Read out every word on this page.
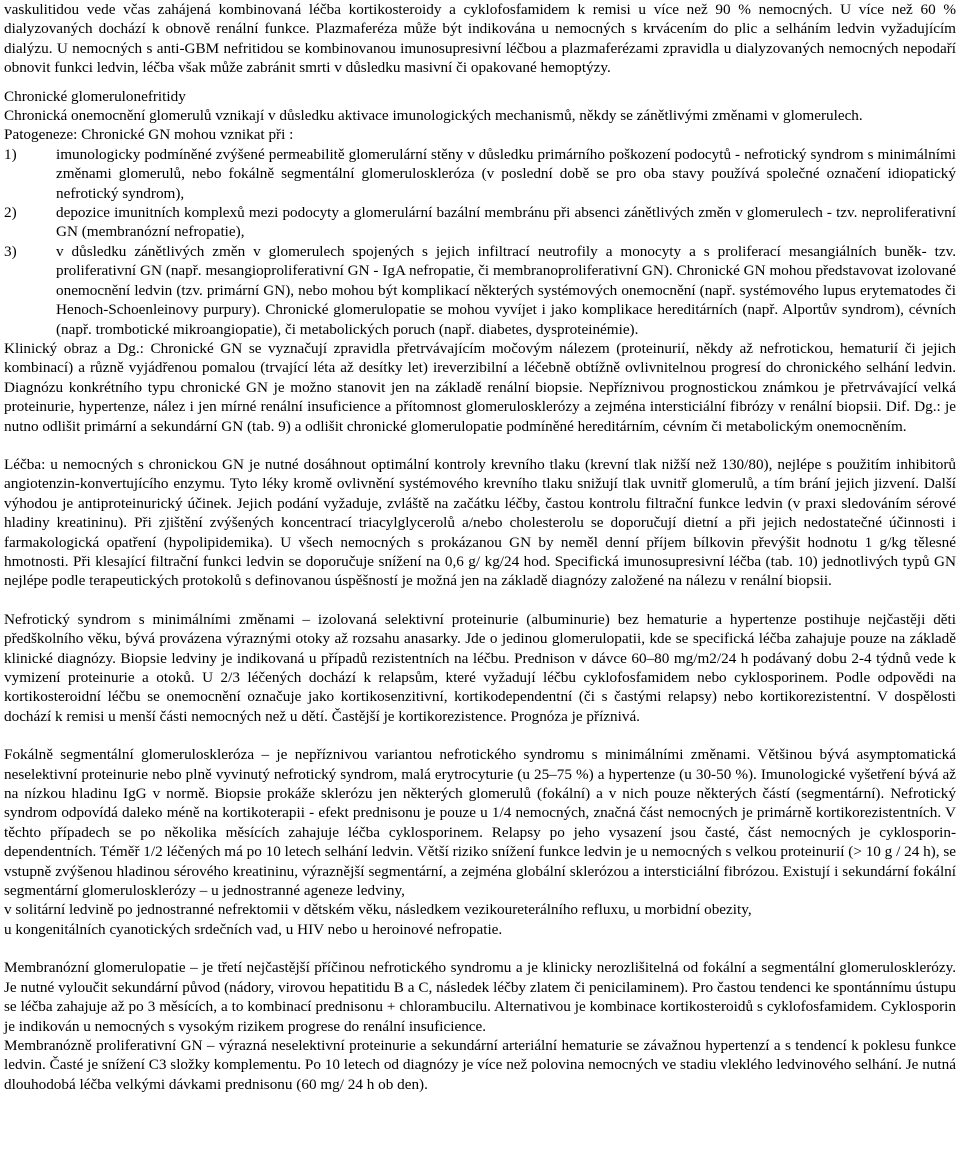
vaskulitidou vede včas zahájená kombinovaná léčba kortikosteroidy a cyklofosfamidem k remisi u více než 90 % nemocných. U více než 60 % dialyzovaných dochází k obnově renální funkce. Plazmaferéza může být indikována u nemocných s krvácením do plic a selháním ledvin vyžadujícím dialýzu. U nemocných s anti-GBM nefritidou se kombinovanou imunosupresivní léčbou a plazmaferézami zpravidla u dialyzovaných nemocných nepodaří obnovit funkci ledvin, léčba však může zabránit smrti v důsledku masivní či opakované hemoptýzy.

Chronické glomerulonefritidy

Chronická onemocnění glomerulů vznikají v důsledku aktivace imunologických mechanismů, někdy se zánětlivými změnami v glomerulech.

Patogeneze: Chronické GN mohou vznikat při :

1)	imunologicky podmíněné zvýšené permeabilitě glomerulární stěny v důsledku primárního poškození podocytů - nefrotický syndrom s minimálními změnami glomerulů, nebo fokálně segmentální glomeruloskleróza (v poslední době se pro oba stavy používá společné označení idiopatický nefrotický syndrom),
2)	depozice imunitních komplexů mezi podocyty a glomerulární bazální membránu při absenci zánětlivých změn v glomerulech - tzv. neproliferativní GN (membranózní nefropatie),
3)	v důsledku zánětlivých změn v glomerulech spojených s jejich infiltrací neutrofily a monocyty a s proliferací mesangiálních buněk- tzv. proliferativní GN (např. mesangioproliferativní GN - IgA nefropatie, či membranoproliferativní GN). Chronické GN mohou představovat izolované onemocnění ledvin (tzv. primární GN), nebo mohou být komplikací některých systémových onemocnění (např. systémového lupus erytematodes či Henoch-Schoenleinovy purpury). Chronické glomerulopatie se mohou vyvíjet i jako komplikace hereditárních (např. Alportův syndrom), cévních (např. trombotické mikroangiopatie), či metabolických poruch (např. diabetes, dysproteinémie).

Klinický obraz a Dg.: Chronické GN se vyznačují zpravidla přetrvávajícím močovým nálezem (proteinurií, někdy až nefrotickou, hematurií či jejich kombinací) a různě vyjádřenou pomalou (trvající léta až desítky let) ireverzibilní a léčebně obtížně ovlivnitelnou progresí do chronického selhání ledvin. Diagnózu konkrétního typu chronické GN je možno stanovit jen na základě renální biopsie. Nepříznivou prognostickou známkou je přetrvávající velká proteinurie, hypertenze, nález i jen mírné renální insuficience a přítomnost glomerulosklerózy a zejména intersticiální fibrózy v renální biopsii. Dif. Dg.: je nutno odlišit primární a sekundární GN (tab. 9) a odlišit chronické glomerulopatie podmíněné hereditárním, cévním či metabolickým onemocněním.

Léčba: u nemocných s chronickou GN je nutné dosáhnout optimální kontroly krevního tlaku (krevní tlak nižší než 130/80), nejlépe s použitím inhibitorů angiotenzin-konvertujícího enzymu. Tyto léky kromě ovlivnění systémového krevního tlaku snižují tlak uvnitř glomerulů, a tím brání jejich jizvení. Další výhodou je antiproteinurický účinek. Jejich podání vyžaduje, zvláště na začátku léčby, častou kontrolu filtrační funkce ledvin (v praxi sledováním sérové hladiny kreatininu). Při zjištění zvýšených koncentrací triacylglycerolů a/nebo cholesterolu se doporučují dietní a při jejich nedostatečné účinnosti i farmakologická opatření (hypolipidemika). U všech nemocných s prokázanou GN by neměl denní příjem bílkovin převýšit hodnotu 1 g/kg tělesné hmotnosti. Při klesající filtrační funkci ledvin se doporučuje snížení na 0,6 g/ kg/24 hod. Specifická imunosupresivní léčba (tab. 10) jednotlivých typů GN nejlépe podle terapeutických protokolů s definovanou úspěšností je možná jen na základě diagnózy založené na nálezu v renální biopsii.

Nefrotický syndrom s minimálními změnami – izolovaná selektivní proteinurie (albuminurie) bez hematurie a hypertenze postihuje nejčastěji děti předškolního věku, bývá provázena výraznými otoky až rozsahu anasarky. Jde o jedinou glomerulopatii, kde se specifická léčba zahajuje pouze na základě klinické diagnózy. Biopsie ledviny je indikovaná u případů rezistentních na léčbu. Prednison v dávce 60–80 mg/m2/24 h podávaný dobu 2-4 týdnů vede k vymizení proteinurie a otoků. U 2/3 léčených dochází k relapsům, které vyžadují léčbu cyklofosfamidem nebo cyklosporinem. Podle odpovědi na kortikosteroidní léčbu se onemocnění označuje jako kortikosenzitivní, kortikodependentní (či s častými relapsy) nebo kortikorezistentní. V dospělosti dochází k remisi u menší části nemocných než u dětí. Častější je kortikorezistence. Prognóza je příznivá.

Fokálně segmentální glomeruloskleróza – je nepříznivou variantou nefrotického syndromu s minimálními změnami. Většinou bývá asymptomatická neselektivní proteinurie nebo plně vyvinutý nefrotický syndrom, malá erytrocyturie (u 25–75 %) a hypertenze (u 30-50 %). Imunologické vyšetření bývá až na nízkou hladinu IgG v normě. Biopsie prokáže sklerózu jen některých glomerulů (fokální) a v nich pouze některých částí (segmentární). Nefrotický syndrom odpovídá daleko méně na kortikoterapii - efekt prednisonu je pouze u 1/4 nemocných, značná část nemocných je primárně kortikorezistentních. V těchto případech se po několika měsících zahajuje léčba cyklosporinem. Relapsy po jeho vysazení jsou časté, část nemocných je cyklosporin-dependentních. Téměř 1/2 léčených má po 10 letech selhání ledvin. Větší riziko snížení funkce ledvin je u nemocných s velkou proteinurií (> 10 g / 24 h), se vstupně zvýšenou hladinou sérového kreatininu, výraznější segmentární, a zejména globální sklerózou a intersticiální fibrózou. Existují i sekundární fokální segmentární glomerulosklerózy – u jednostranné ageneze ledviny,

v solitární ledvině po jednostranné nefrektomii v dětském věku, následkem vezikoureterálního refluxu, u morbidní obezity,

u kongenitálních cyanotických srdečních vad, u HIV nebo u heroinové nefropatie.

Membranózní glomerulopatie – je třetí nejčastější příčinou nefrotického syndromu a je klinicky nerozlišitelná od fokální a segmentální glomerulosklerózy. Je nutné vyloučit sekundární původ (nádory, virovou hepatitidu B a C, následek léčby zlatem či penicilaminem). Pro častou tendenci ke spontánnímu ústupu se léčba zahajuje až po 3 měsících, a to kombinací prednisonu + chlorambucilu. Alternativou je kombinace kortikosteroidů s cyklofosfamidem. Cyklosporin je indikován u nemocných s vysokým rizikem progrese do renální insuficience.

Membranózně proliferativní GN – výrazná neselektivní proteinurie a sekundární arteriální hematurie se závažnou hypertenzí a s tendencí k poklesu funkce ledvin. Časté je snížení C3 složky komplementu. Po 10 letech od diagnózy je více než polovina nemocných ve stadiu vleklého ledvinového selhání. Je nutná dlouhodobá léčba velkými dávkami prednisonu (60 mg/ 24 h ob den).
